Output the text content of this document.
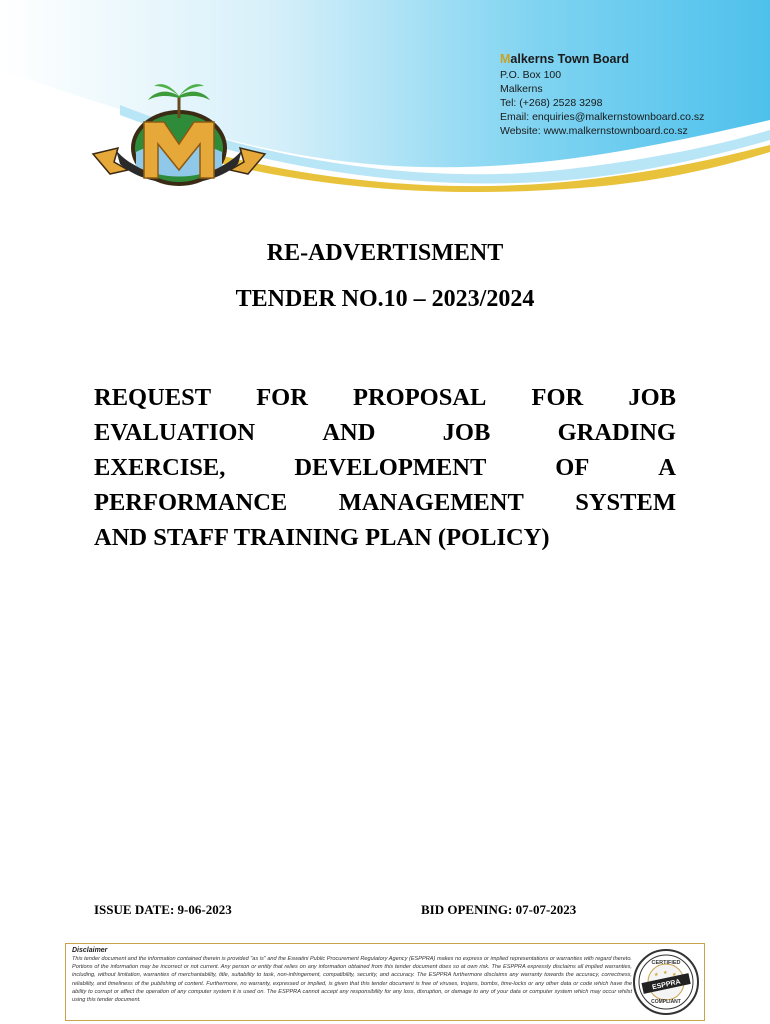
Malkerns Town Board
P.O. Box 100
Malkerns
Tel: (+268) 2528 3298
Email: enquiries@malkernstownboard.co.sz
Website: www.malkernstownboard.co.sz
RE-ADVERTISMENT
TENDER NO.10 – 2023/2024
REQUEST FOR PROPOSAL FOR JOB
EVALUATION	AND	JOB	GRADING
EXERCISE,	DEVELOPMENT	OF	A
PERFORMANCE MANAGEMENT SYSTEM
AND STAFF TRAINING PLAN (POLICY)
ISSUE DATE: 9-06-2023	BID OPENING: 07-07-2023
Disclaimer
This tender document and the information contained therein is provided "as is" and the Eswatini Public Procurement Regulatory Agency (ESPPRA) makes no express or implied representations or warranties with regard thereto. Portions of the information may be incorrect or not current. Any person or entity that relies on any information obtained from this tender document does so at own risk. The ESPPRA expressly disclaims all implied warranties, including, without limitation, warranties of merchantability, title, suitability to task, non-infringement, compatibility, security, and accuracy. The ESPPRA furthermore disclaims any warranty towards the accuracy, correctness, reliability, and timeliness of the publishing of content. Furthermore, no warranty, expressed or implied, is given that this tender document is free of viruses, trojans, bombs, time-locks or any other data or code which have the ability to corrupt or affect the operation of any computer system it is used on. The ESPPRA cannot accept any responsibility for any loss, disruption, or damage to any of your data or computer system which may occur whilst using this tender document.
CERTIFIED
★ ★ ★
ESPPRA
COMPLIANT
